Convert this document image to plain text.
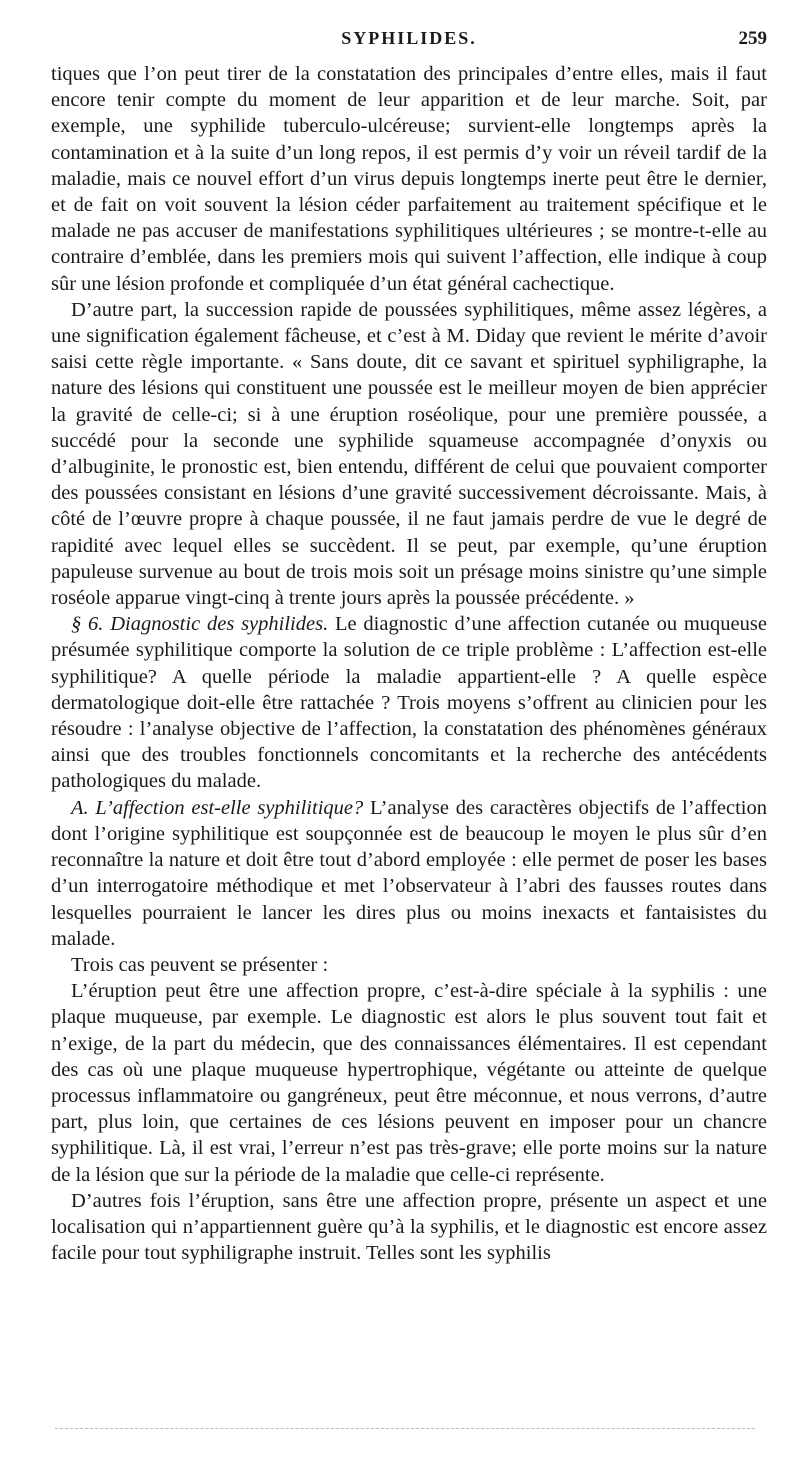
SYPHILIDES.	259

tiques que l’on peut tirer de la constatation des principales d’entre elles, mais il faut encore tenir compte du moment de leur apparition et de leur marche. Soit, par exemple, une syphilide tuberculo-ulcéreuse; survient-elle longtemps après la contamination et à la suite d’un long repos, il est permis d’y voir un réveil tardif de la maladie, mais ce nouvel effort d’un virus depuis longtemps inerte peut être le dernier, et de fait on voit souvent la lésion céder parfaitement au traitement spécifique et le malade ne pas accuser de manifestations syphilitiques ultérieures ; se montre-t-elle au contraire d’emblée, dans les premiers mois qui suivent l’affection, elle indique à coup sûr une lésion profonde et compliquée d’un état général cachectique.

D’autre part, la succession rapide de poussées syphilitiques, même assez légères, a une signification également fâcheuse, et c’est à M. Diday que revient le mérite d’avoir saisi cette règle importante. « Sans doute, dit ce savant et spirituel syphiligraphe, la nature des lésions qui constituent une poussée est le meilleur moyen de bien apprécier la gravité de celle-ci; si à une éruption roséolique, pour une première poussée, a succédé pour la seconde une syphilide squameuse accompagnée d’onyxis ou d’albuginite, le pronostic est, bien entendu, différent de celui que pouvaient comporter des poussées consistant en lésions d’une gravité successivement décroissante. Mais, à côté de l’œuvre propre à chaque poussée, il ne faut jamais perdre de vue le degré de rapidité avec lequel elles se succèdent. Il se peut, par exemple, qu’une éruption papuleuse survenue au bout de trois mois soit un présage moins sinistre qu’une simple roséole apparue vingt-cinq à trente jours après la poussée précédente. »

§ 6. Diagnostic des syphilides. Le diagnostic d’une affection cutanée ou muqueuse présumée syphilitique comporte la solution de ce triple problème : L’affection est-elle syphilitique? A quelle période la maladie appartient-elle ? A quelle espèce dermatologique doit-elle être rattachée ? Trois moyens s’offrent au clinicien pour les résoudre : l’analyse objective de l’affection, la constatation des phénomènes généraux ainsi que des troubles fonctionnels concomitants et la recherche des antécédents pathologiques du malade.

A. L’affection est-elle syphilitique? L’analyse des caractères objectifs de l’affection dont l’origine syphilitique est soupçonnée est de beaucoup le moyen le plus sûr d’en reconnaître la nature et doit être tout d’abord employée : elle permet de poser les bases d’un interrogatoire méthodique et met l’observateur à l’abri des fausses routes dans lesquelles pourraient le lancer les dires plus ou moins inexacts et fantaisistes du malade.

Trois cas peuvent se présenter :

L’éruption peut être une affection propre, c’est-à-dire spéciale à la syphilis : une plaque muqueuse, par exemple. Le diagnostic est alors le plus souvent tout fait et n’exige, de la part du médecin, que des connaissances élémentaires. Il est cependant des cas où une plaque muqueuse hypertrophique, végétante ou atteinte de quelque processus inflammatoire ou gangréneux, peut être méconnue, et nous verrons, d’autre part, plus loin, que certaines de ces lésions peuvent en imposer pour un chancre syphilitique. Là, il est vrai, l’erreur n’est pas très-grave; elle porte moins sur la nature de la lésion que sur la période de la maladie que celle-ci représente.

D’autres fois l’éruption, sans être une affection propre, présente un aspect et une localisation qui n’appartiennent guère qu’à la syphilis, et le diagnostic est encore assez facile pour tout syphiligraphe instruit. Telles sont les syphilis
